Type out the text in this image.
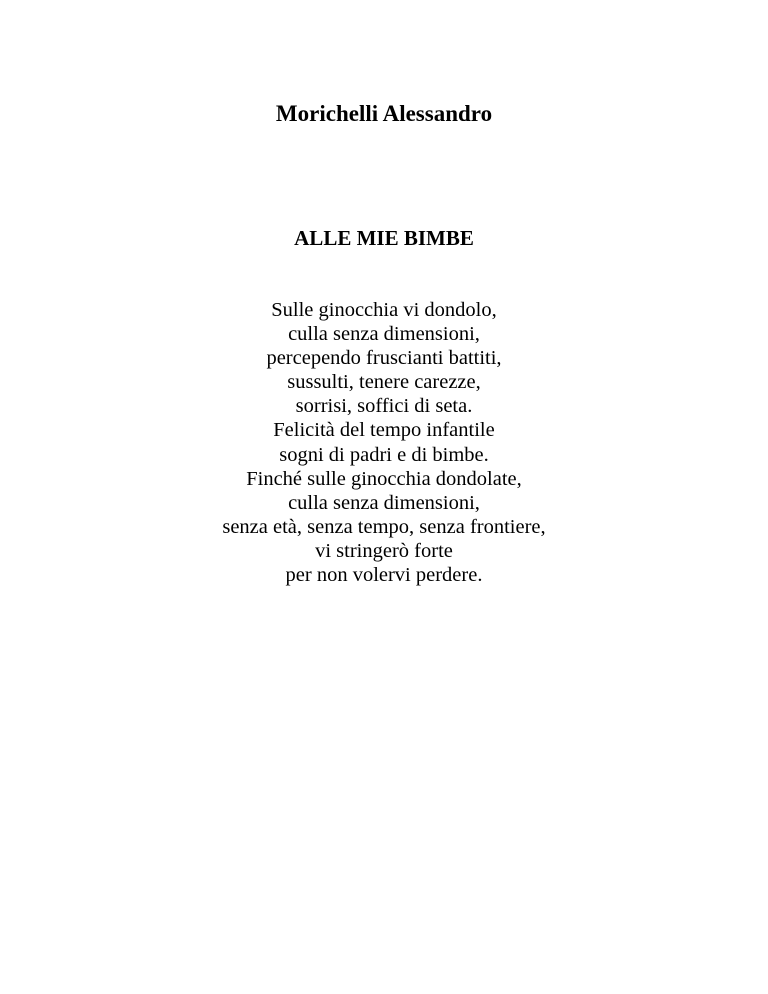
Morichelli Alessandro
ALLE MIE BIMBE
Sulle ginocchia vi dondolo,
culla senza dimensioni,
percependo fruscianti battiti,
sussulti, tenere carezze,
sorrisi, soffici di seta.
Felicità del tempo infantile
sogni di padri e di bimbe.
Finché sulle ginocchia dondolate,
culla senza dimensioni,
senza età, senza tempo, senza frontiere,
vi stringerò forte
per non volervi perdere.
